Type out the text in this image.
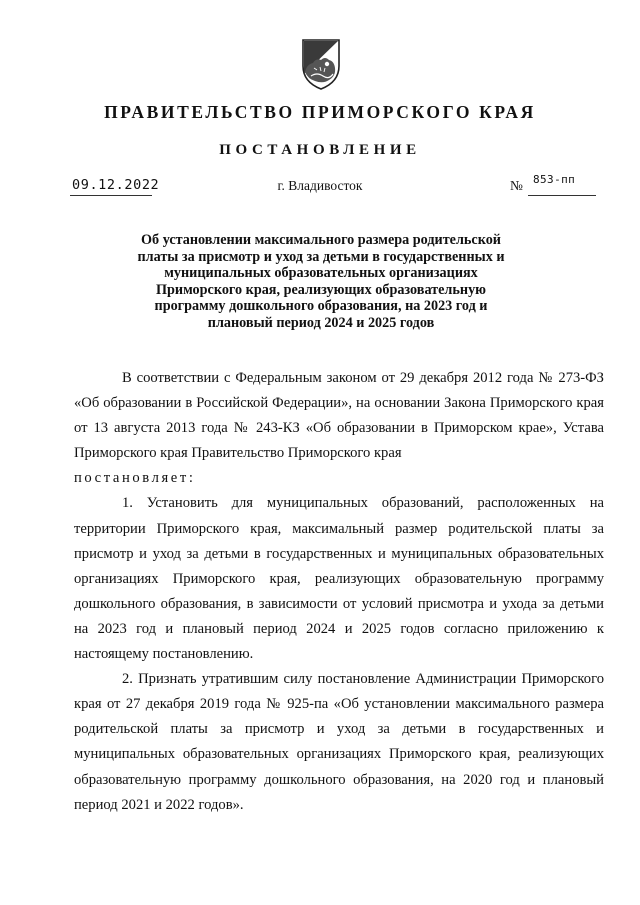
ПРАВИТЕЛЬСТВО ПРИМОРСКОГО КРАЯ
ПОСТАНОВЛЕНИЕ
09.12.2022	г. Владивосток	№ 853-пп
Об установлении максимального размера родительской платы за присмотр и уход за детьми в государственных и муниципальных образовательных организациях Приморского края, реализующих образовательную программу дошкольного образования, на 2023 год и плановый период 2024 и 2025 годов

В соответствии с Федеральным законом от 29 декабря 2012 года № 273-ФЗ «Об образовании в Российской Федерации», на основании Закона Приморского края от 13 августа 2013 года № 243-КЗ «Об образовании в Приморском крае», Устава Приморского края Правительство Приморского края

постановляет:

1. Установить для муниципальных образований, расположенных на территории Приморского края, максимальный размер родительской платы за присмотр и уход за детьми в государственных и муниципальных образовательных организациях Приморского края, реализующих образовательную программу дошкольного образования, в зависимости от условий присмотра и ухода за детьми на 2023 год и плановый период 2024 и 2025 годов согласно приложению к настоящему постановлению.

2. Признать утратившим силу постановление Администрации Приморского края от 27 декабря 2019 года № 925-па «Об установлении максимального размера родительской платы за присмотр и уход за детьми в государственных и муниципальных образовательных организациях Приморского края, реализующих образовательную программу дошкольного образования, на 2020 год и плановый период 2021 и 2022 годов».
